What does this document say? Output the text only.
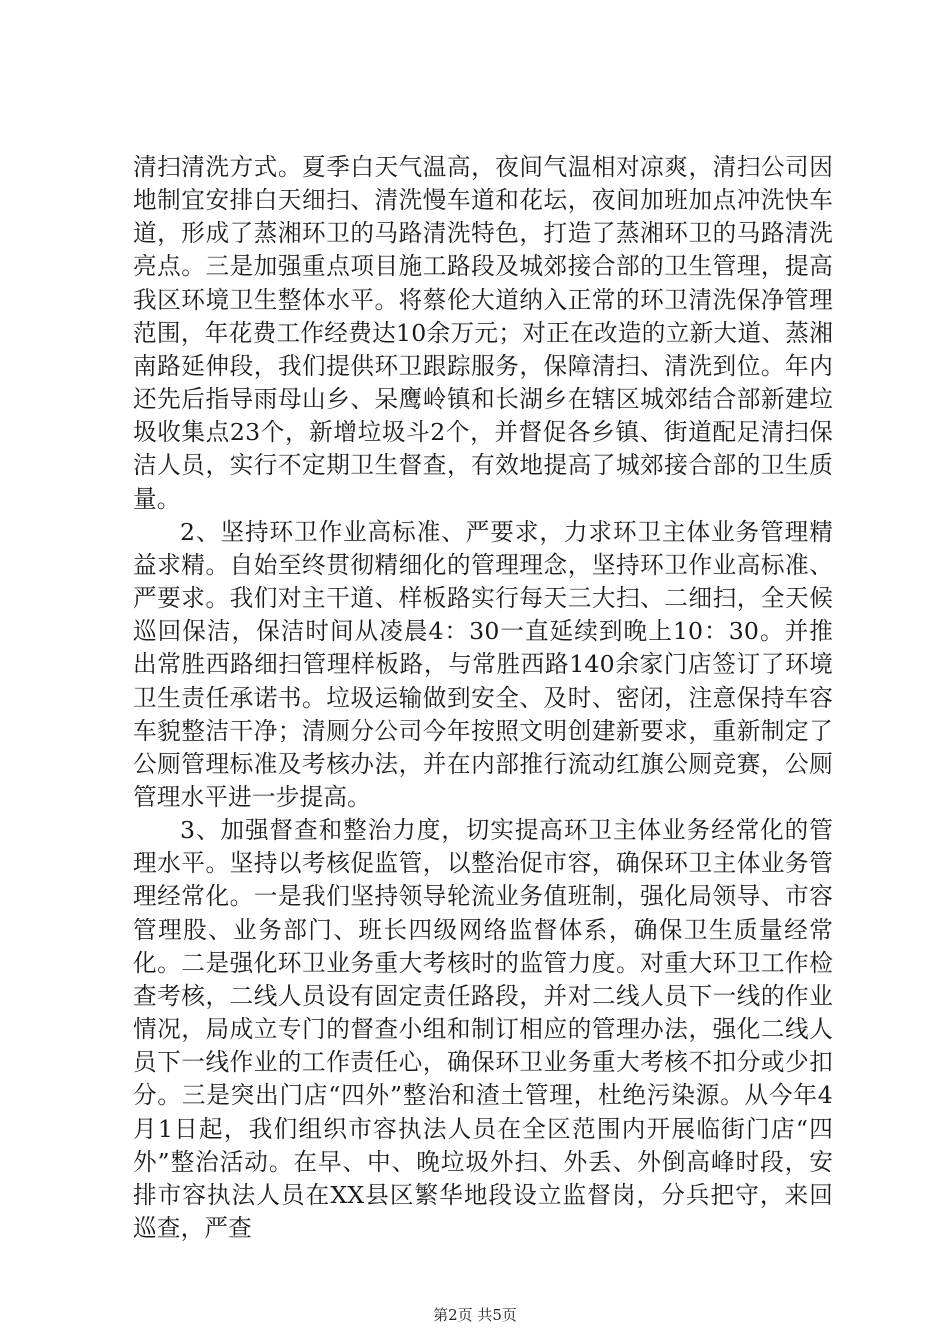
清扫清洗方式。夏季白天气温高，夜间气温相对凉爽，清扫公司因地制宜安排白天细扫、清洗慢车道和花坛，夜间加班加点冲洗快车道，形成了蒸湘环卫的马路清洗特色，打造了蒸湘环卫的马路清洗亮点。三是加强重点项目施工路段及城郊接合部的卫生管理，提高我区环境卫生整体水平。将蔡伦大道纳入正常的环卫清洗保净管理范围，年花费工作经费达10余万元；对正在改造的立新大道、蒸湘南路延伸段，我们提供环卫跟踪服务，保障清扫、清洗到位。年内还先后指导雨母山乡、呆鹰岭镇和长湖乡在辖区城郊结合部新建垃圾收集点23个，新增垃圾斗2个，并督促各乡镇、街道配足清扫保洁人员，实行不定期卫生督查，有效地提高了城郊接合部的卫生质量。

2、坚持环卫作业高标准、严要求，力求环卫主体业务管理精益求精。自始至终贯彻精细化的管理理念，坚持环卫作业高标准、严要求。我们对主干道、样板路实行每天三大扫、二细扫，全天候巡回保洁，保洁时间从凌晨4：30一直延续到晚上10：30。并推出常胜西路细扫管理样板路，与常胜西路140余家门店签订了环境卫生责任承诺书。垃圾运输做到安全、及时、密闭，注意保持车容车貌整洁干净；清厕分公司今年按照文明创建新要求，重新制定了公厕管理标准及考核办法，并在内部推行流动红旗公厕竞赛，公厕管理水平进一步提高。

3、加强督查和整治力度，切实提高环卫主体业务经常化的管理水平。坚持以考核促监管，以整治促市容，确保环卫主体业务管理经常化。一是我们坚持领导轮流业务值班制，强化局领导、市容管理股、业务部门、班长四级网络监督体系，确保卫生质量经常化。二是强化环卫业务重大考核时的监管力度。对重大环卫工作检查考核，二线人员设有固定责任路段，并对二线人员下一线的作业情况，局成立专门的督查小组和制订相应的管理办法，强化二线人员下一线作业的工作责任心，确保环卫业务重大考核不扣分或少扣分。三是突出门店“四外”整治和渣土管理，杜绝污染源。从今年4月1日起，我们组织市容执法人员在全区范围内开展临街门店“四外”整治活动。在早、中、晚垃圾外扫、外丢、外倒高峰时段，安排市容执法人员在XX县区繁华地段设立监督岗，分兵把守，来回巡查，严查

第2页 共5页
